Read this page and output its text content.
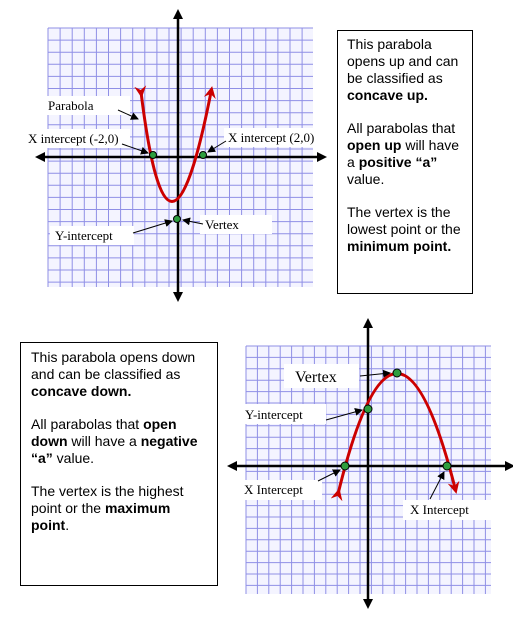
Parabola
X intercept (-2,0)	X intercept (2,0)
Vertex
Y-intercept
Vertex
Y-intercept
X Intercept
X Intercept

This parabola opens up and can be classified as concave up.

All parabolas that open up will have a positive “a” value.

The vertex is the lowest point or the minimum point.

This parabola opens down and can be classified as concave down.

All parabolas that open down will have a negative “a” value.

The vertex is the highest point or the maximum point.
